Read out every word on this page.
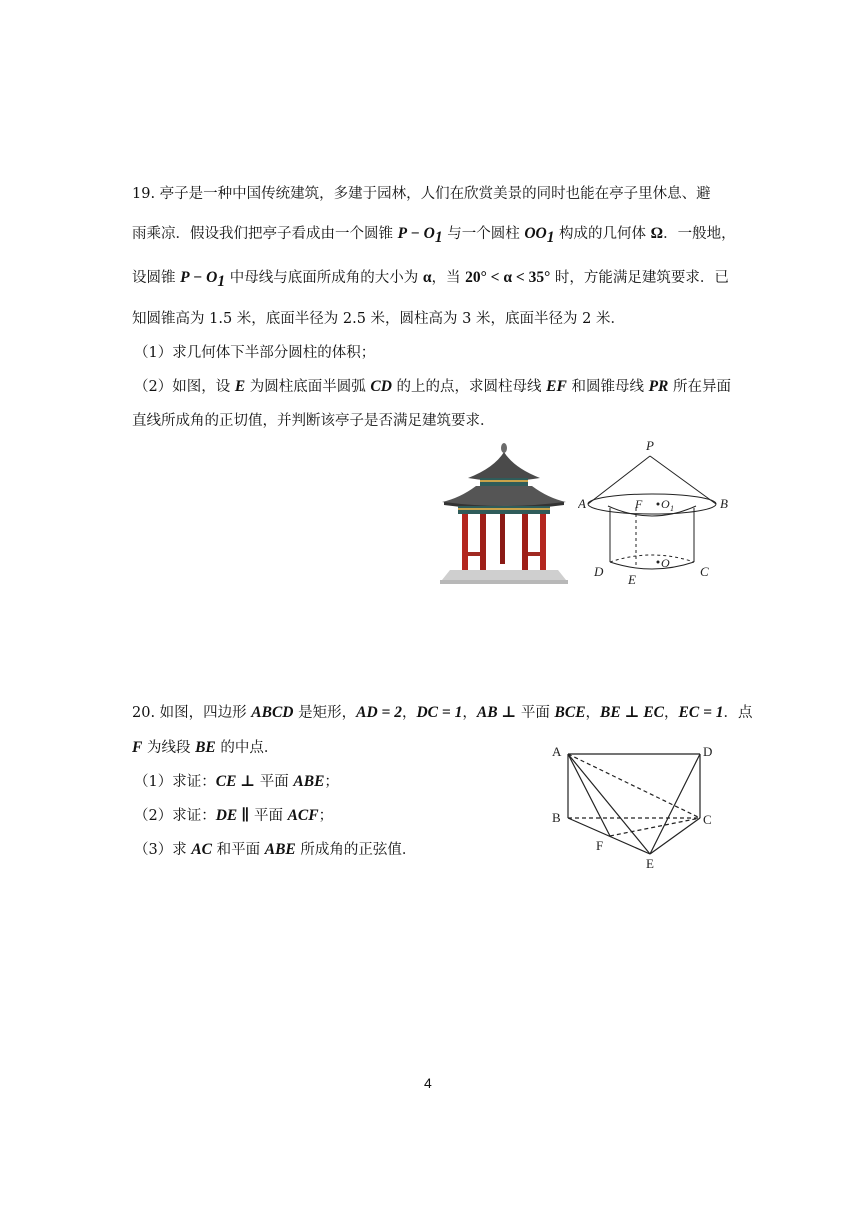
19. 亭子是一种中国传统建筑，多建于园林，人们在欣赏美景的同时也能在亭子里休息、避
雨乘凉．假设我们把亭子看成由一个圆锥 $P - O_1$ 与一个圆柱 $OO_1$ 构成的几何体 Ω．一般地，
设圆锥 $P - O_1$ 中母线与底面所成角的大小为 α，当 20° < α < 35° 时，方能满足建筑要求．已
知圆锥高为 1.5 米，底面半径为 2.5 米，圆柱高为 3 米，底面半径为 2 米．
（1）求几何体下半部分圆柱的体积；
（2）如图，设 E 为圆柱底面半圆弧 CD 的上的点，求圆柱母线 EF 和圆锥母线 PR 所在异面
直线所成角的正切值，并判断该亭子是否满足建筑要求．
P
A	B
F O 1
O
D
E
C
20. 如图，四边形 ABCD 是矩形，AD = 2，DC = 1，AB ⊥ 平面 BCE，BE ⊥ EC，EC = 1．点
F 为线段 BE 的中点．
（1）求证：CE ⊥ 平面 ABE；
（2）求证：DE ∥ 平面 ACF；
（3）求 AC 和平面 ABE 所成角的正弦值．
A	D
B	C
F
E
4
